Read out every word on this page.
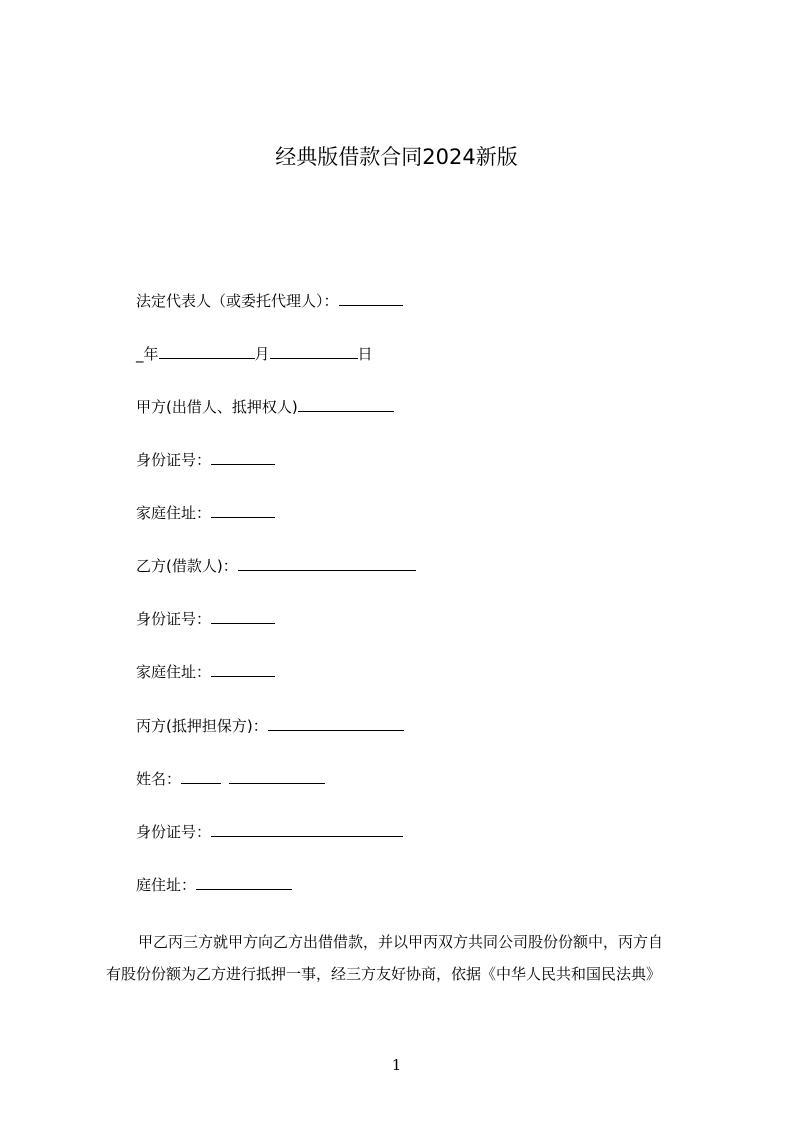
经典版借款合同2024新版
法定代表人（或委托代理人）：
_年	月	日
甲方(出借人、抵押权人)
身份证号：
家庭住址：
乙方(借款人)：
身份证号：
家庭住址：
丙方(抵押担保方)：
姓名：
身份证号：
庭住址：

甲乙丙三方就甲方向乙方出借借款，并以甲丙双方共同公司股份份额中，丙方自
有股份份额为乙方进行抵押一事，经三方友好协商，依据《中华人民共和国民法典》

1
